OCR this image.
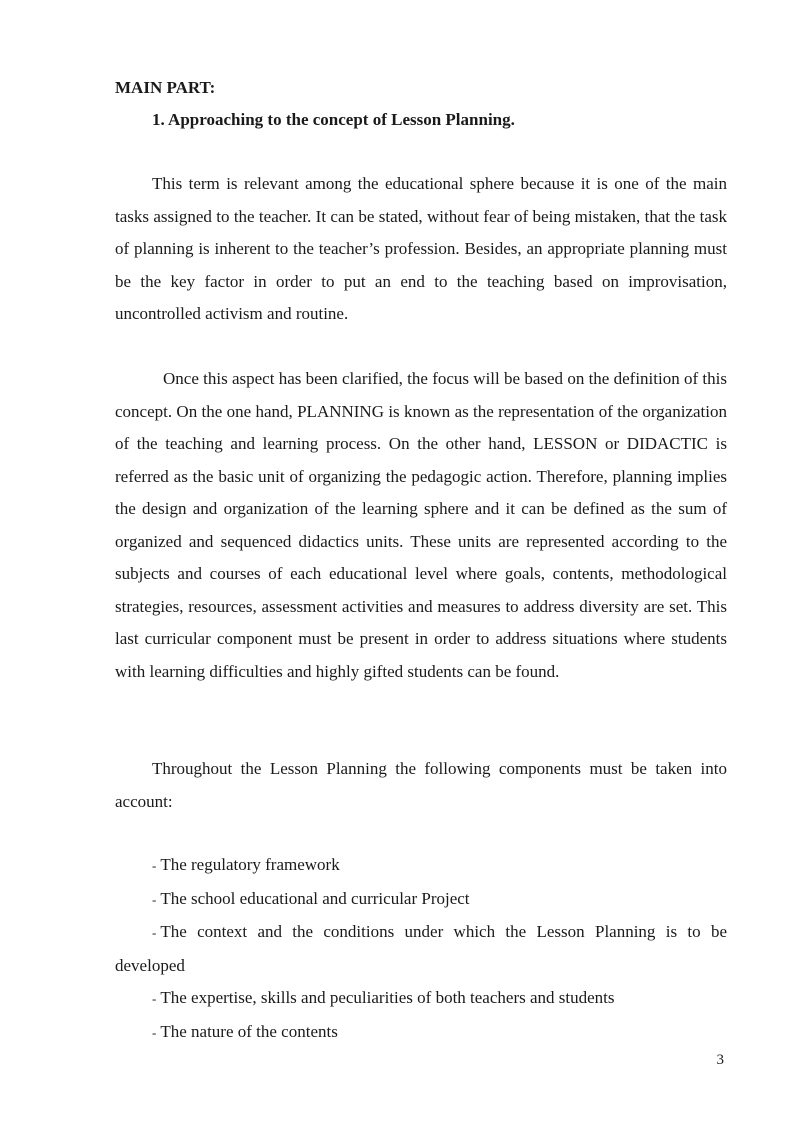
MAIN PART:

1. Approaching to the concept of Lesson Planning.

This term is relevant among the educational sphere because it is one of the main tasks assigned to the teacher. It can be stated, without fear of being mistaken, that the task of planning is inherent to the teacher’s profession. Besides, an appropriate planning must be the key factor in order to put an end to the teaching based on improvisation, uncontrolled activism and routine.

Once this aspect has been clarified, the focus will be based on the definition of this concept. On the one hand, PLANNING is known as the representation of the organization of the teaching and learning process. On the other hand, LESSON or DIDACTIC is referred as the basic unit of organizing the pedagogic action. Therefore, planning implies the design and organization of the learning sphere and it can be defined as the sum of organized and sequenced didactics units. These units are represented according to the subjects and courses of each educational level where goals, contents, methodological strategies, resources, assessment activities and measures to address diversity are set. This last curricular component must be present in order to address situations where students with learning difficulties and highly gifted students can be found.

Throughout the Lesson Planning the following components must be taken into account:

- The regulatory framework
- The school educational and curricular Project
- The context and the conditions under which the Lesson Planning is to be developed
- The expertise, skills and peculiarities of both teachers and students
- The nature of the contents
3
